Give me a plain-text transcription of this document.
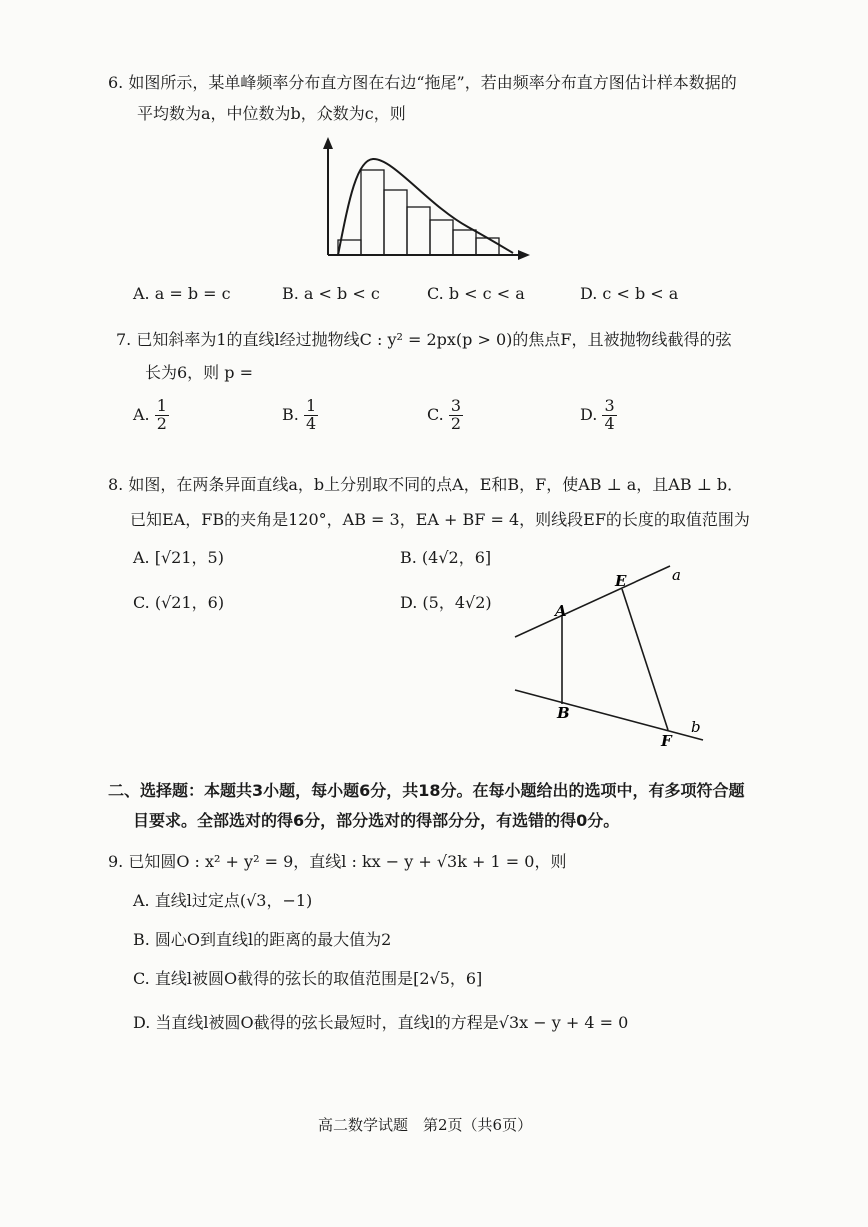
6. 如图所示，某单峰频率分布直方图在右边“拖尾”，若由频率分布直方图估计样本数据的
平均数为a，中位数为b，众数为c，则
A. a = b = c	B. a < b < c	C. b < c < a	D. c < b < a
7. 已知斜率为1的直线l经过抛物线C : y² = 2px(p > 0)的焦点F，且被抛物线截得的弦
长为6，则 p =
A. $\frac{1}{2}$	B. $\frac{1}{4}$	C. $\frac{3}{2}$	D. $\frac{3}{4}$
8. 如图，在两条异面直线a，b上分别取不同的点A，E和B，F，使AB ⊥ a，且AB ⊥ b．
已知EA，FB的夹角是120°，AB = 3，EA + BF = 4，则线段EF的长度的取值范围为
A. [√21，5)	B. (4√2，6]
C. (√21，6)	D. (5，4√2)
E	a
A
B
F
b
二、选择题：本题共3小题，每小题6分，共18分。在每小题给出的选项中，有多项符合题
目要求。全部选对的得6分，部分选对的得部分分，有选错的得0分。
9. 已知圆O : x² + y² = 9，直线l : kx − y + √3k + 1 = 0，则
A. 直线l过定点(√3，−1)
B. 圆心O到直线l的距离的最大值为2
C. 直线l被圆O截得的弦长的取值范围是[2√5，6]
D. 当直线l被圆O截得的弦长最短时，直线l的方程是√3x − y + 4 = 0
高二数学试题　第2页（共6页）
